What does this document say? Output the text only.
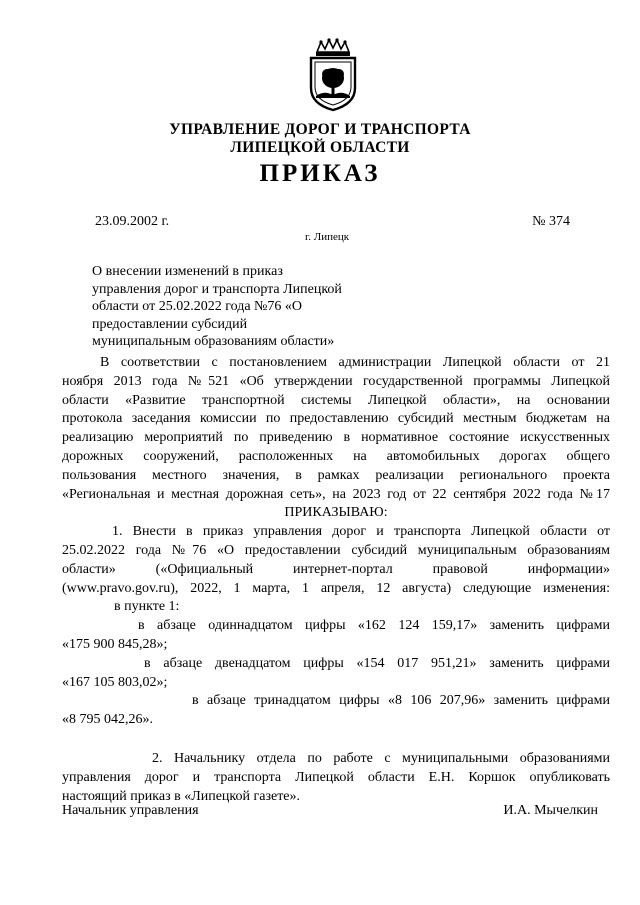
УПРАВЛЕНИЕ ДОРОГ И ТРАНСПОРТА
ЛИПЕЦКОЙ ОБЛАСТИ
ПРИКАЗ
23.09.2002 г.
г. Липецк
№ 374
О внесении изменений в приказ
управления дорог и транспорта Липецкой
области от 25.02.2022 года №76 «О
предоставлении субсидий
муниципальным образованиям области»
В соответствии с постановлением администрации Липецкой области от 21
ноября 2013 года №521 «Об утверждении государственной программы Липецкой
области «Развитие транспортной системы Липецкой области», на основании
протокола заседания комиссии по предоставлению субсидий местным бюджетам на
реализацию мероприятий по приведению в нормативное состояние искусственных
дорожных сооружений, расположенных на автомобильных дорогах общего
пользования местного значения, в рамках реализации регионального проекта
«Региональная и местная дорожная сеть», на 2023 год от 22 сентября 2022 года №17
ПРИКАЗЫВАЮ:
1. Внести в приказ управления дорог и транспорта Липецкой области от
25.02.2022 года №76 «О предоставлении субсидий муниципальным образованиям
области» («Официальный интернет-портал правовой информации»
(www.pravo.gov.ru), 2022, 1 марта, 1 апреля, 12 августа) следующие изменения:
в пункте 1:
в абзаце одиннадцатом цифры «162 124 159,17» заменить цифрами
«175 900 845,28»;
в абзаце двенадцатом цифры «154 017 951,21» заменить цифрами
«167 105 803,02»;
в абзаце тринадцатом цифры «8 106 207,96» заменить цифрами
«8 795 042,26».
2. Начальнику отдела по работе с муниципальными образованиями
управления дорог и транспорта Липецкой области Е.Н. Коршок опубликовать
настоящий приказ в «Липецкой газете».
Начальник управления	И.А. Мычелкин
